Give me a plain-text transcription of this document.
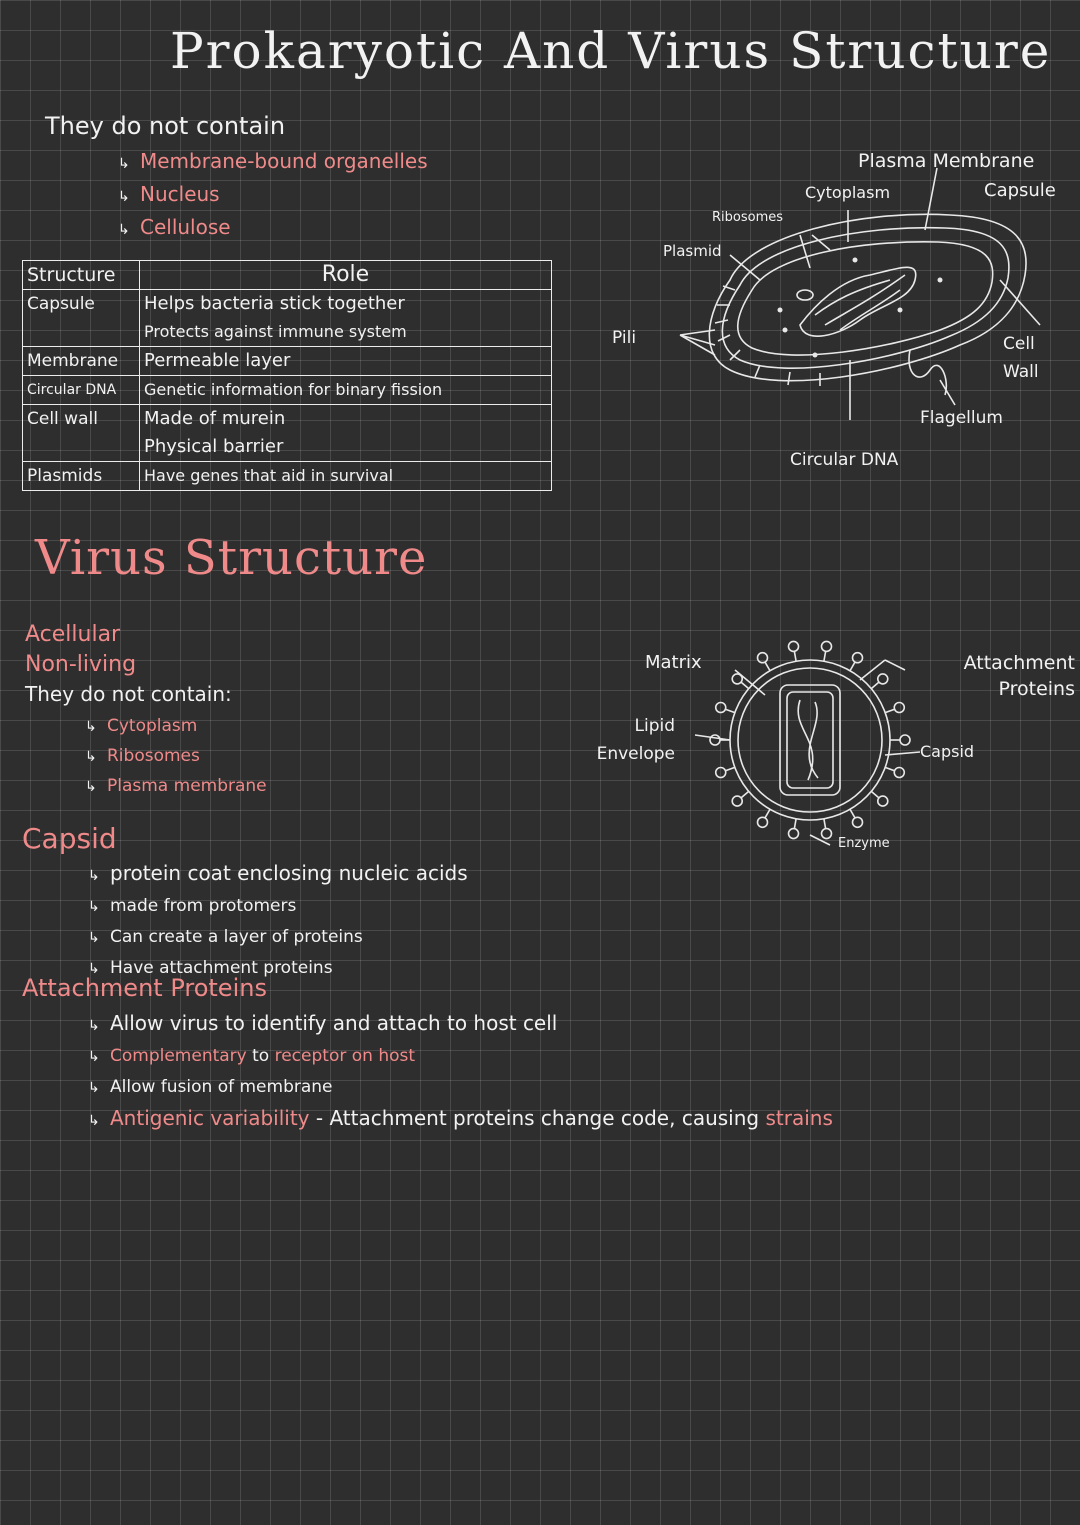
Prokaryotic And Virus Structure
They do not contain
↳ Membrane-bound organelles
↳ Nucleus
↳ Cellulose
Structure	Role
Capsule	Helps bacteria stick together
Protects against immune system

Membrane	Permeable layer

Circular DNA	Genetic information for binary fission

Cell wall	Made of murein
Physical barrier

Plasmids	Have genes that aid in survival
Plasma Membrane
Capsule
Cytoplasm
Ribosomes
Plasmid
Pili	Cell Wall
Flagellum
Circular DNA
Virus Structure
Acellular
Non-living
They do not contain:
↳ Cytoplasm
↳ Ribosomes
↳ Plasma membrane
Matrix	Attachment Proteins
Lipid Envelope	Capsid
Enzyme
Capsid
↳ protein coat enclosing nucleic acids
↳ made from protomers
↳ Can create a layer of proteins
↳ Have attachment proteins
Attachment Proteins
↳ Allow virus to identify and attach to host cell
↳ Complementary to receptor on host
↳ Allow fusion of membrane
↳ Antigenic variability - Attachment proteins change code, causing strains
